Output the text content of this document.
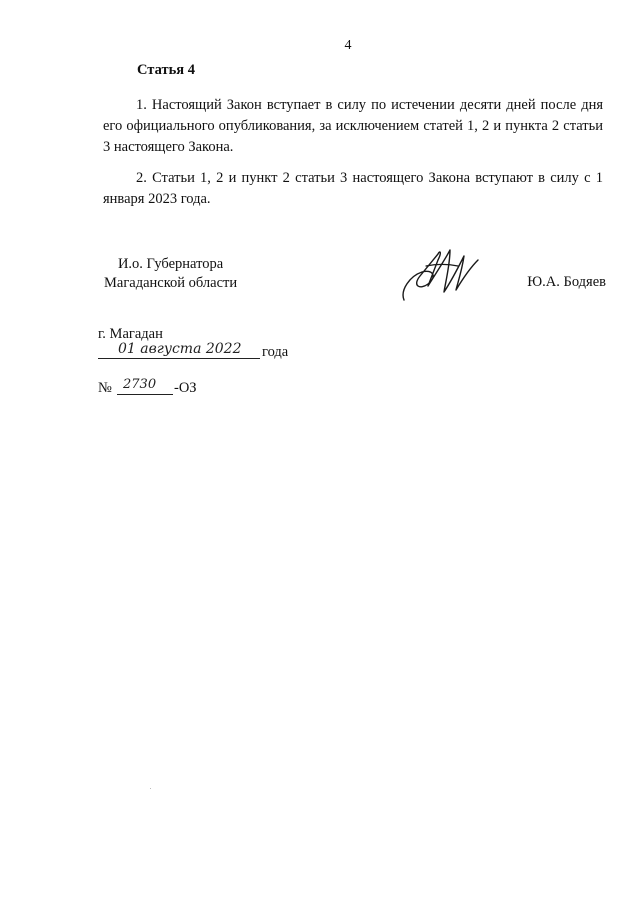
4
Статья 4
1. Настоящий Закон вступает в силу по истечении десяти дней после дня его официального опубликования, за исключением статей 1, 2 и пункта 2 статьи 3 настоящего Закона.
2. Статьи 1, 2 и пункт 2 статьи 3 настоящего Закона вступают в силу с 1 января 2023 года.
И.о. Губернатора
Магаданской области	Ю.А. Бодяев
г. Магадан
01 августа 2022 года
№ 2730 -ОЗ
